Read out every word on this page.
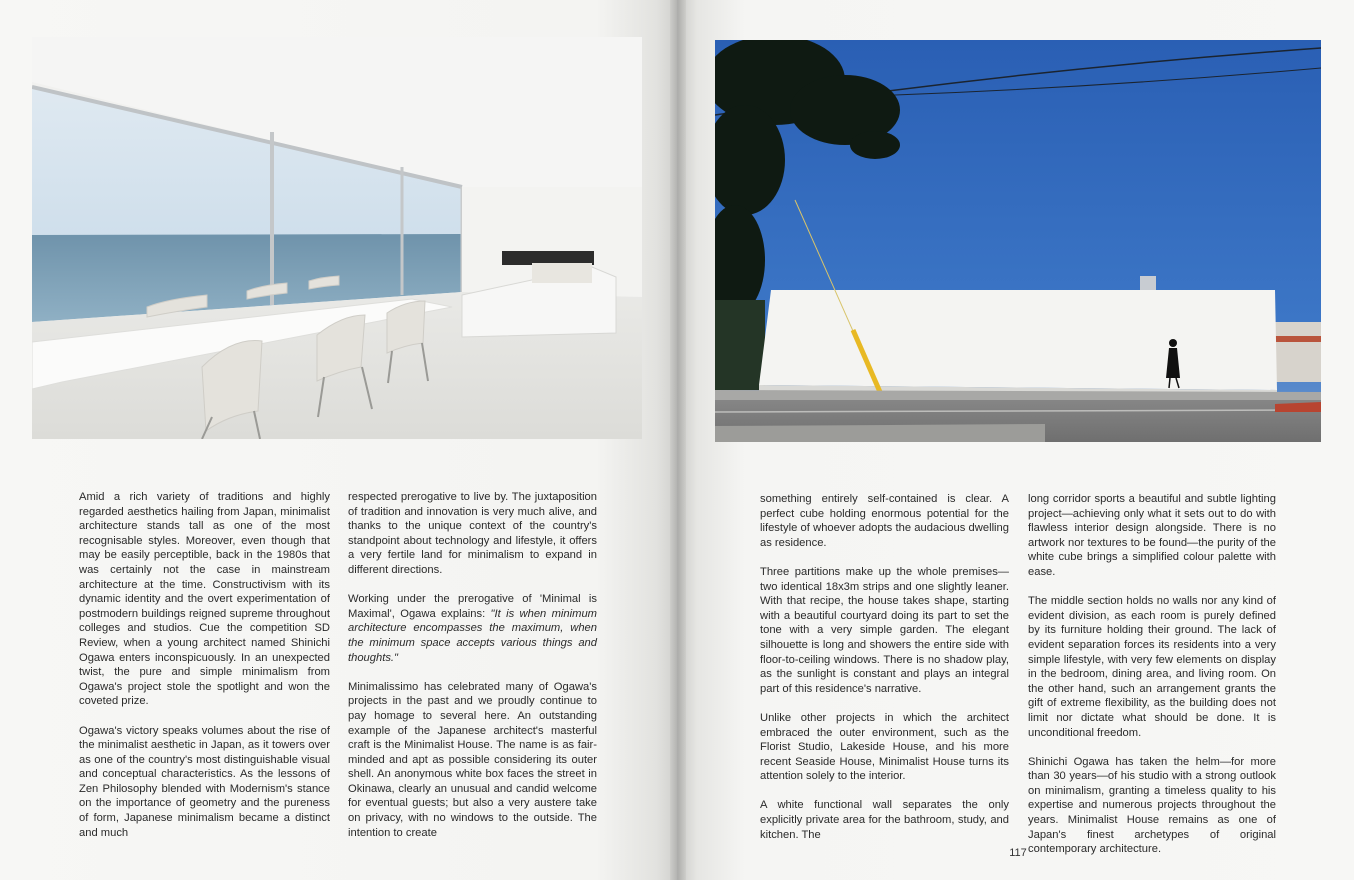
Amid a rich variety of traditions and highly regarded aesthetics hailing from Japan, minimalist architecture stands tall as one of the most recognisable styles. Moreover, even though that may be easily perceptible, back in the 1980s that was certainly not the case in mainstream architecture at the time. Constructivism with its dynamic identity and the overt experimentation of postmodern buildings reigned supreme throughout colleges and studios. Cue the competition SD Review, when a young architect named Shinichi Ogawa enters inconspicuously. In an unexpected twist, the pure and simple minimalism from Ogawa's project stole the spotlight and won the coveted prize.

Ogawa's victory speaks volumes about the rise of the minimalist aesthetic in Japan, as it towers over as one of the country's most distinguishable visual and conceptual characteristics. As the lessons of Zen Philosophy blended with Modernism's stance on the importance of geometry and the pureness of form, Japanese minimalism became a distinct and much

respected prerogative to live by. The juxtaposition of tradition and innovation is very much alive, and thanks to the unique context of the country's standpoint about technology and lifestyle, it offers a very fertile land for minimalism to expand in different directions.

Working under the prerogative of 'Minimal is Maximal', Ogawa explains: "It is when minimum architecture encompasses the maximum, when the minimum space accepts various things and thoughts."

Minimalissimo has celebrated many of Ogawa's projects in the past and we proudly continue to pay homage to several here. An outstanding example of the Japanese architect's masterful craft is the Minimalist House. The name is as fair-minded and apt as possible considering its outer shell. An anonymous white box faces the street in Okinawa, clearly an unusual and candid welcome for eventual guests; but also a very austere take on privacy, with no windows to the outside. The intention to create

something entirely self-contained is clear. A perfect cube holding enormous potential for the lifestyle of whoever adopts the audacious dwelling as residence.

Three partitions make up the whole premises—two identical 18x3m strips and one slightly leaner. With that recipe, the house takes shape, starting with a beautiful courtyard doing its part to set the tone with a very simple garden. The elegant silhouette is long and showers the entire side with floor-to-ceiling windows. There is no shadow play, as the sunlight is constant and plays an integral part of this residence's narrative.

Unlike other projects in which the architect embraced the outer environment, such as the Florist Studio, Lakeside House, and his more recent Seaside House, Minimalist House turns its attention solely to the interior.

A white functional wall separates the only explicitly private area for the bathroom, study, and kitchen. The

long corridor sports a beautiful and subtle lighting project—achieving only what it sets out to do with flawless interior design alongside. There is no artwork nor textures to be found—the purity of the white cube brings a simplified colour palette with ease.

The middle section holds no walls nor any kind of evident division, as each room is purely defined by its furniture holding their ground. The lack of evident separation forces its residents into a very simple lifestyle, with very few elements on display in the bedroom, dining area, and living room. On the other hand, such an arrangement grants the gift of extreme flexibility, as the building does not limit nor dictate what should be done. It is unconditional freedom.

Shinichi Ogawa has taken the helm—for more than 30 years—of his studio with a strong outlook on minimalism, granting a timeless quality to his expertise and numerous projects throughout the years. Minimalist House remains as one of Japan's finest archetypes of original contemporary architecture.

117
